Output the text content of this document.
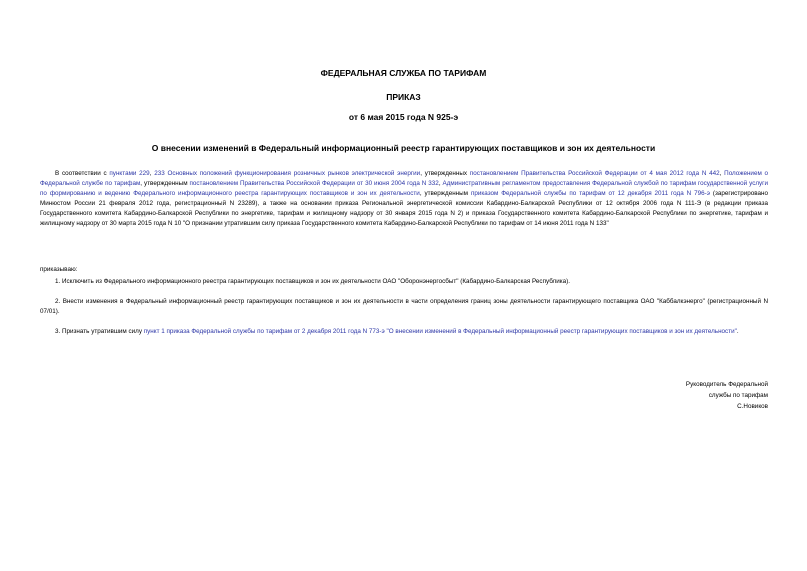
ФЕДЕРАЛЬНАЯ СЛУЖБА ПО ТАРИФАМ
ПРИКАЗ
от 6 мая 2015 года N 925-э
О внесении изменений в Федеральный информационный реестр гарантирующих поставщиков и зон их деятельности
В соответствии с пунктами 229, 233 Основных положений функционирования розничных рынков электрической энергии, утвержденных постановлением Правительства Российской Федерации от 4 мая 2012 года N 442, Положением о Федеральной службе по тарифам, утвержденным постановлением Правительства Российской Федерации от 30 июня 2004 года N 332, Административным регламентом предоставления Федеральной службой по тарифам государственной услуги по формированию и ведению Федерального информационного реестра гарантирующих поставщиков и зон их деятельности, утвержденным приказом Федеральной службы по тарифам от 12 декабря 2011 года N 796-э (зарегистрировано Минюстом России 21 февраля 2012 года, регистрационный N 23289), а также на основании приказа Региональной энергетической комиссии Кабардино-Балкарской Республики от 12 октября 2006 года N 111-Э (в редакции приказа Государственного комитета Кабардино-Балкарской Республики по энергетике, тарифам и жилищному надзору от 30 января 2015 года N 2) и приказа Государственного комитета Кабардино-Балкарской Республики по энергетике, тарифам и жилищному надзору от 30 марта 2015 года N 10 "О признании утратившим силу приказа Государственного комитета Кабардино-Балкарской Республики по тарифам от 14 июня 2011 года N 133"
приказываю:
1. Исключить из Федерального информационного реестра гарантирующих поставщиков и зон их деятельности ОАО "Оборонэнергосбыт" (Кабардино-Балкарская Республика).
2. Внести изменения в Федеральный информационный реестр гарантирующих поставщиков и зон их деятельности в части определения границ зоны деятельности гарантирующего поставщика ОАО "Каббалкэнерго" (регистрационный N 07/01).
3. Признать утратившим силу пункт 1 приказа Федеральной службы по тарифам от 2 декабря 2011 года N 773-э "О внесении изменений в Федеральный информационный реестр гарантирующих поставщиков и зон их деятельности".
Руководитель Федеральной
службы по тарифам
С.Новиков
